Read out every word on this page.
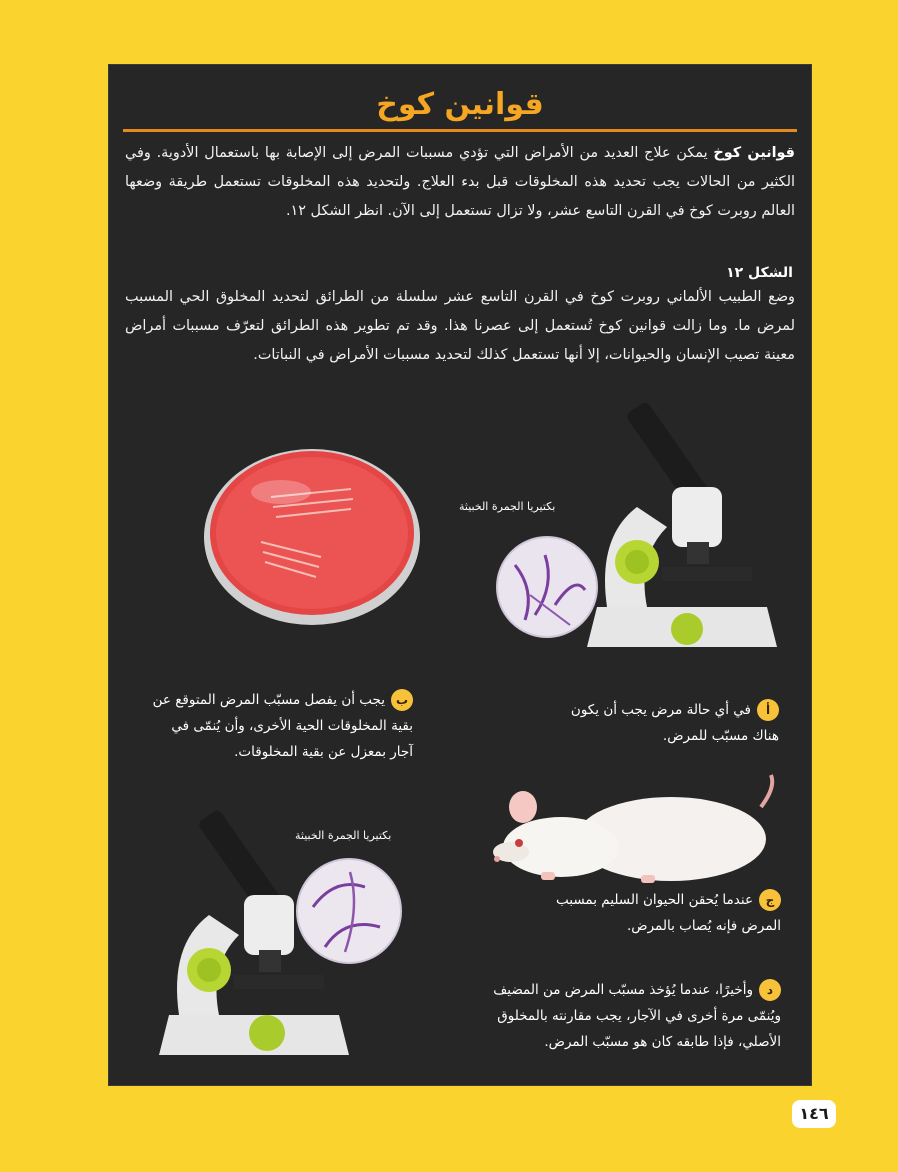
قوانين كوخ

قوانين كوخ يمكن علاج العديد من الأمراض التي تؤدي مسببات المرض إلى الإصابة بها باستعمال الأدوية. وفي الكثير من الحالات يجب تحديد هذه المخلوقات قبل بدء العلاج. ولتحديد هذه المخلوقات تستعمل طريقة وضعها العالم روبرت كوخ في القرن التاسع عشر، ولا تزال تستعمل إلى الآن. انظر الشكل ١٢.

الشكل ١٢

وضع الطبيب الألماني روبرت كوخ في القرن التاسع عشر سلسلة من الطرائق لتحديد المخلوق الحي المسبب لمرض ما. وما زالت قوانين كوخ تُستعمل إلى عصرنا هذا. وقد تم تطوير هذه الطرائق لتعرّف مسببات أمراض معينة تصيب الإنسان والحيوانات، إلا أنها تستعمل كذلك لتحديد مسببات الأمراض في النباتات.

بكتيريا الجمرة الخبيثة
أفي أي حالة مرض يجب أن يكون هناك مسبّب للمرض.
بيجب أن يفصل مسبّب المرض المتوقع عن بقية المخلوقات الحية الأخرى، وأن يُنمّى في آجار بمعزل عن بقية المخلوقات.
بكتيريا الجمرة الخبيثة
جعندما يُحقن الحيوان السليم بمسبب المرض فإنه يُصاب بالمرض.
دوأخيرًا، عندما يُؤخذ مسبّب المرض من المضيف ويُنمّى مرة أخرى في الآجار، يجب مقارنته بالمخلوق الأصلي، فإذا طابقه كان هو مسبّب المرض.
١٤٦
